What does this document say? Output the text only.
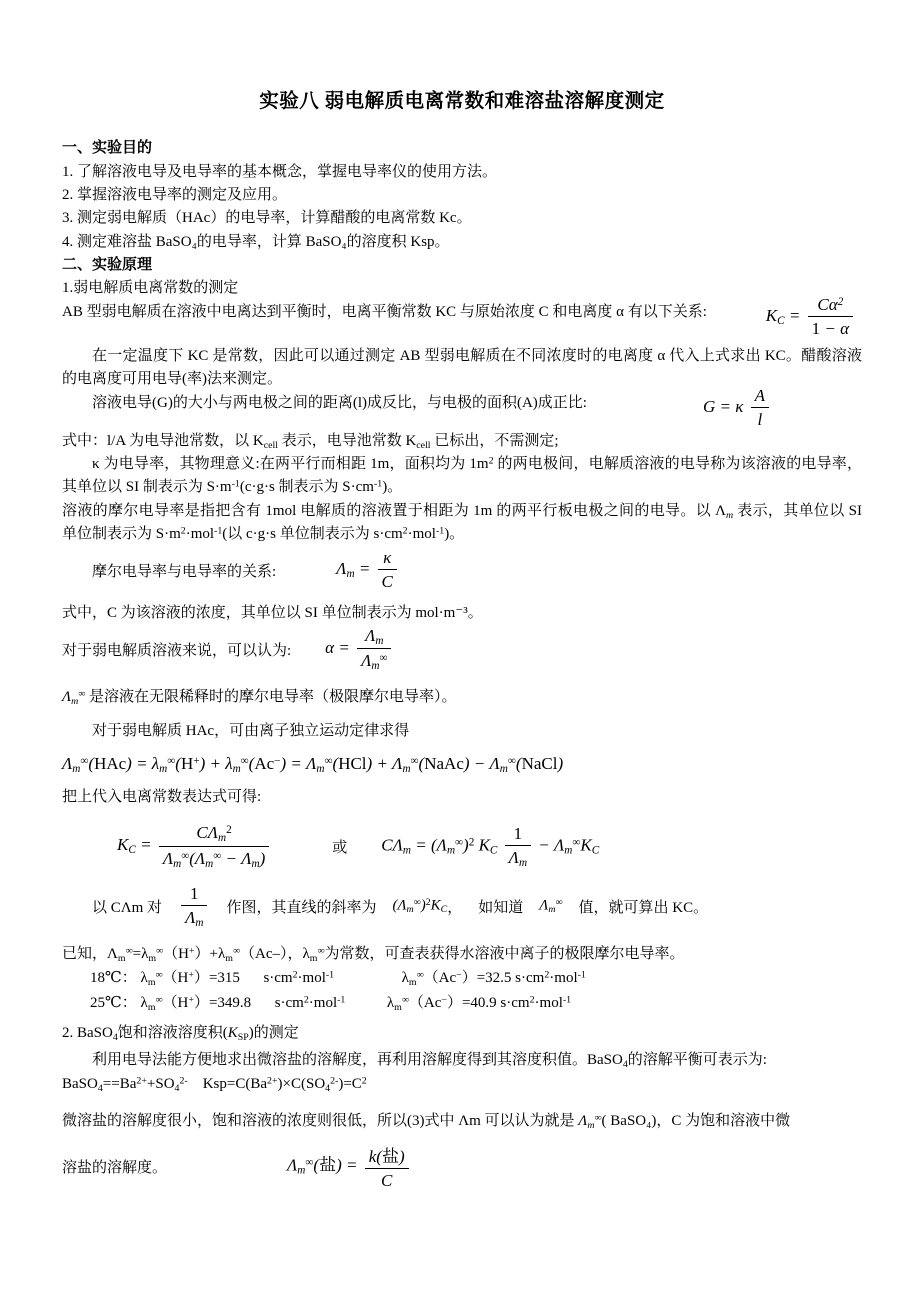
实验八 弱电解质电离常数和难溶盐溶解度测定
一、实验目的

1. 了解溶液电导及电导率的基本概念，掌握电导率仪的使用方法。

2. 掌握溶液电导率的测定及应用。

3. 测定弱电解质（HAc）的电导率，计算醋酸的电离常数 Kc。

4. 测定难溶盐 BaSO₄的电导率，计算 BaSO₄的溶度积 Ksp。

二、实验原理

1.弱电解质电离常数的测定

$K_C = \frac{C\alpha^2}{1 - \alpha}$

AB 型弱电解质在溶液中电离达到平衡时，电离平衡常数 KC 与原始浓度 C 和电离度 α 有以下关系:

在一定温度下 KC 是常数，因此可以通过测定 AB 型弱电解质在不同浓度时的电离度 α 代入上式求出 KC。醋酸溶液的电离度可用电导(率)法来测定。

G = κ $\frac{A}{l}$

溶液电导(G)的大小与两电极之间的距离(l)成反比，与电极的面积(A)成正比:

式中：l/A 为电导池常数，以 $K_{cell}$ 表示，电导池常数 $K_{cell}$ 已标出，不需测定;

κ 为电导率，其物理意义:在两平行而相距 1m，面积均为 $1m^2$ 的两电极间，电解质溶液的电导称为该溶液的电导率，其单位以 SI 制表示为 $S\cdot m^{-1}(c\cdot g\cdot s$ 制表示为 $S\cdot cm^{-1}$)。

溶液的摩尔电导率是指把含有 1mol 电解质的溶液置于相距为 1m 的两平行板电极之间的电导。以 $\Lambda_m$ 表示，其单位以 SI 单位制表示为 $S\cdot m^2\cdot mol^{-1}$(以 c·g·s 单位制表示为 $s\cdot cm^2\cdot mol^{-1}$)。

摩尔电导率与电导率的关系:	$\Lambda_m = \frac{\kappa}{C}$

式中，C 为该溶液的浓度，其单位以 SI 单位制表示为 mol·m⁻³。

对于弱电解质溶液来说，可以认为: $\alpha = \frac{\Lambda_m}{\Lambda_m^\infty}$

$\Lambda_m^\infty$ 是溶液在无限稀释时的摩尔电导率（极限摩尔电导率）。

对于弱电解质 HAc，可由离子独立运动定律求得

$\Lambda_m^\infty(HAc) = \lambda_m^\infty(H^+) + \lambda_m^\infty(Ac^-) = \Lambda_m^\infty(HCl)$ + $\Lambda_m^\infty(NaAc)$ − $\Lambda_m^\infty(NaCl)$

把上代入电离常数表达式可得:

$K_C = \frac{C\Lambda_m^2}{\Lambda_m^\infty(\Lambda_m^\infty - \Lambda_m)}$	或 $C\Lambda_m = (\Lambda_m^\infty)^2$ $K_C \frac{1}{\Lambda_m} - \Lambda_m^\infty K_C$
以 CΛm 对 $\frac{1}{\Lambda_m}$ 作图，其直线的斜率为 $(\Lambda_m^\infty)^2K_C$ ， 如知道 $\Lambda_m^\infty$ 值，就可算出 KC。

已知，$\Lambda_m^\infty=\lambda_m^\infty(H^+)+\lambda_m^\infty(Ac-)$，$\lambda_m^\infty$为常数，可查表获得水溶液中离子的极限摩尔电导率。

18℃： $\lambda_m^\infty(H^+)=315$ $s\cdot cm^2\cdot mol^{-1}$	$\lambda_m^\infty(Ac^-)=32.5$ $s\cdot cm^2\cdot mol^{-1}$

25℃： $\lambda_m^\infty(H^+)=349.8$ $s\cdot cm^2\cdot mol^{-1}$	$\lambda_m^\infty(Ac^-)=40.9$ $s\cdot cm^2\cdot mol^{-1}$

2. BaSO$_4$饱和溶液溶度积$(K_{SP})$的测定

利用电导法能方便地求出微溶盐的溶解度，再利用溶解度得到其溶度积值。BaSO$_4$的溶解平衡可表示为:

$BaSO_4==Ba^{2+}+SO_4^{2-}$    $Ksp=C(Ba^{2+})\times C(SO_4^{2-})=C^2$

微溶盐的溶解度很小，饱和溶液的浓度则很低，所以(3)式中 Λm 可以认为就是 $\Lambda_m^\infty$( BaSO₄)，C 为饱和溶液中微

溶盐的溶解度。	$\Lambda_m^\infty$(盐) = $\frac{\text{k(盐)}}{C}$
